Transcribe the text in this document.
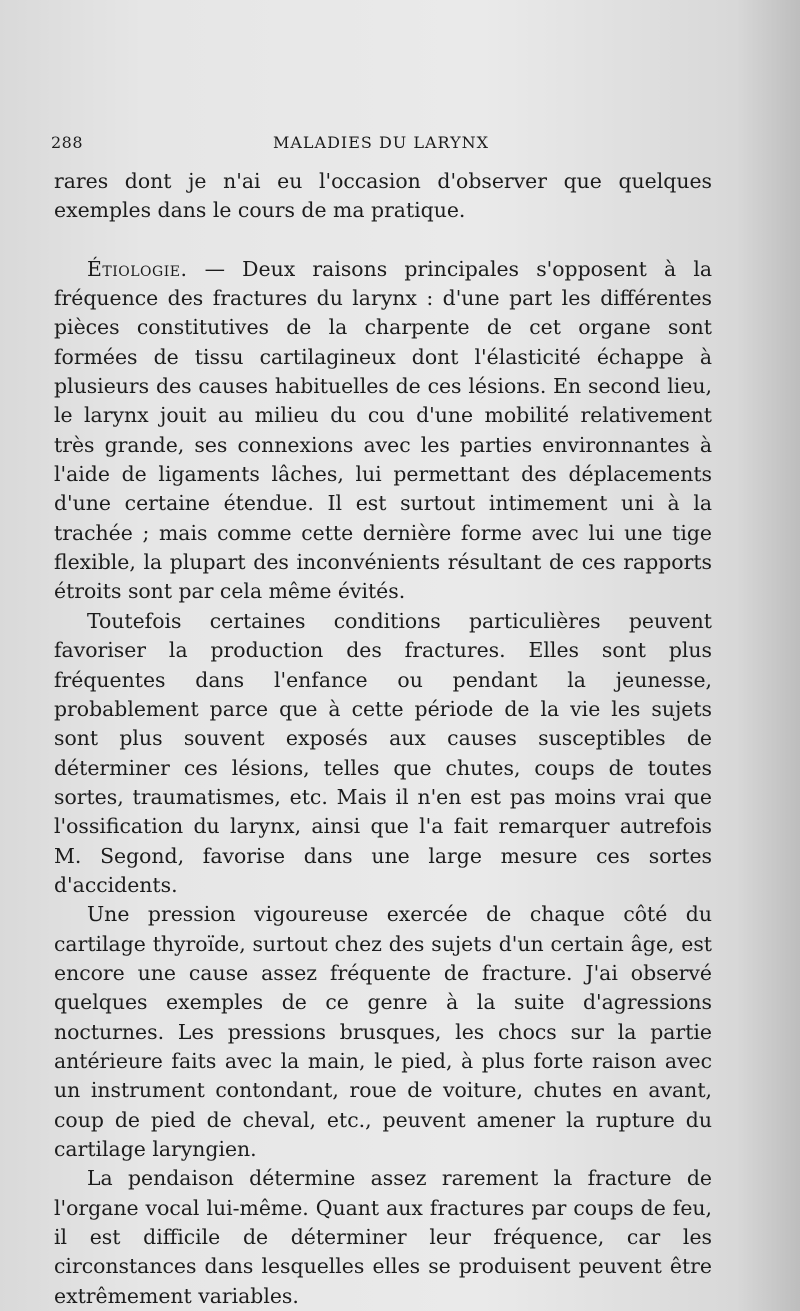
288	MALADIES DU LARYNX

rares dont je n'ai eu l'occasion d'observer que quelques exemples dans le cours de ma pratique.

Étiologie. — Deux raisons principales s'opposent à la fréquence des fractures du larynx : d'une part les différentes pièces constitutives de la charpente de cet organe sont formées de tissu cartilagineux dont l'élasticité échappe à plusieurs des causes habituelles de ces lésions. En second lieu, le larynx jouit au milieu du cou d'une mobilité relativement très grande, ses connexions avec les parties environnantes à l'aide de ligaments lâches, lui permettant des déplacements d'une certaine étendue. Il est surtout intimement uni à la trachée ; mais comme cette dernière forme avec lui une tige flexible, la plupart des inconvénients résultant de ces rapports étroits sont par cela même évités.

Toutefois certaines conditions particulières peuvent favoriser la production des fractures. Elles sont plus fréquentes dans l'enfance ou pendant la jeunesse, probablement parce que à cette période de la vie les sujets sont plus souvent exposés aux causes susceptibles de déterminer ces lésions, telles que chutes, coups de toutes sortes, traumatismes, etc. Mais il n'en est pas moins vrai que l'ossification du larynx, ainsi que l'a fait remarquer autrefois M. Segond, favorise dans une large mesure ces sortes d'accidents.

Une pression vigoureuse exercée de chaque côté du cartilage thyroïde, surtout chez des sujets d'un certain âge, est encore une cause assez fréquente de fracture. J'ai observé quelques exemples de ce genre à la suite d'agressions nocturnes. Les pressions brusques, les chocs sur la partie antérieure faits avec la main, le pied, à plus forte raison avec un instrument contondant, roue de voiture, chutes en avant, coup de pied de cheval, etc., peuvent amener la rupture du cartilage laryngien.

La pendaison détermine assez rarement la fracture de l'organe vocal lui-même. Quant aux fractures par coups de feu, il est difficile de déterminer leur fréquence, car les circonstances dans lesquelles elles se produisent peuvent être extrêmement variables.
